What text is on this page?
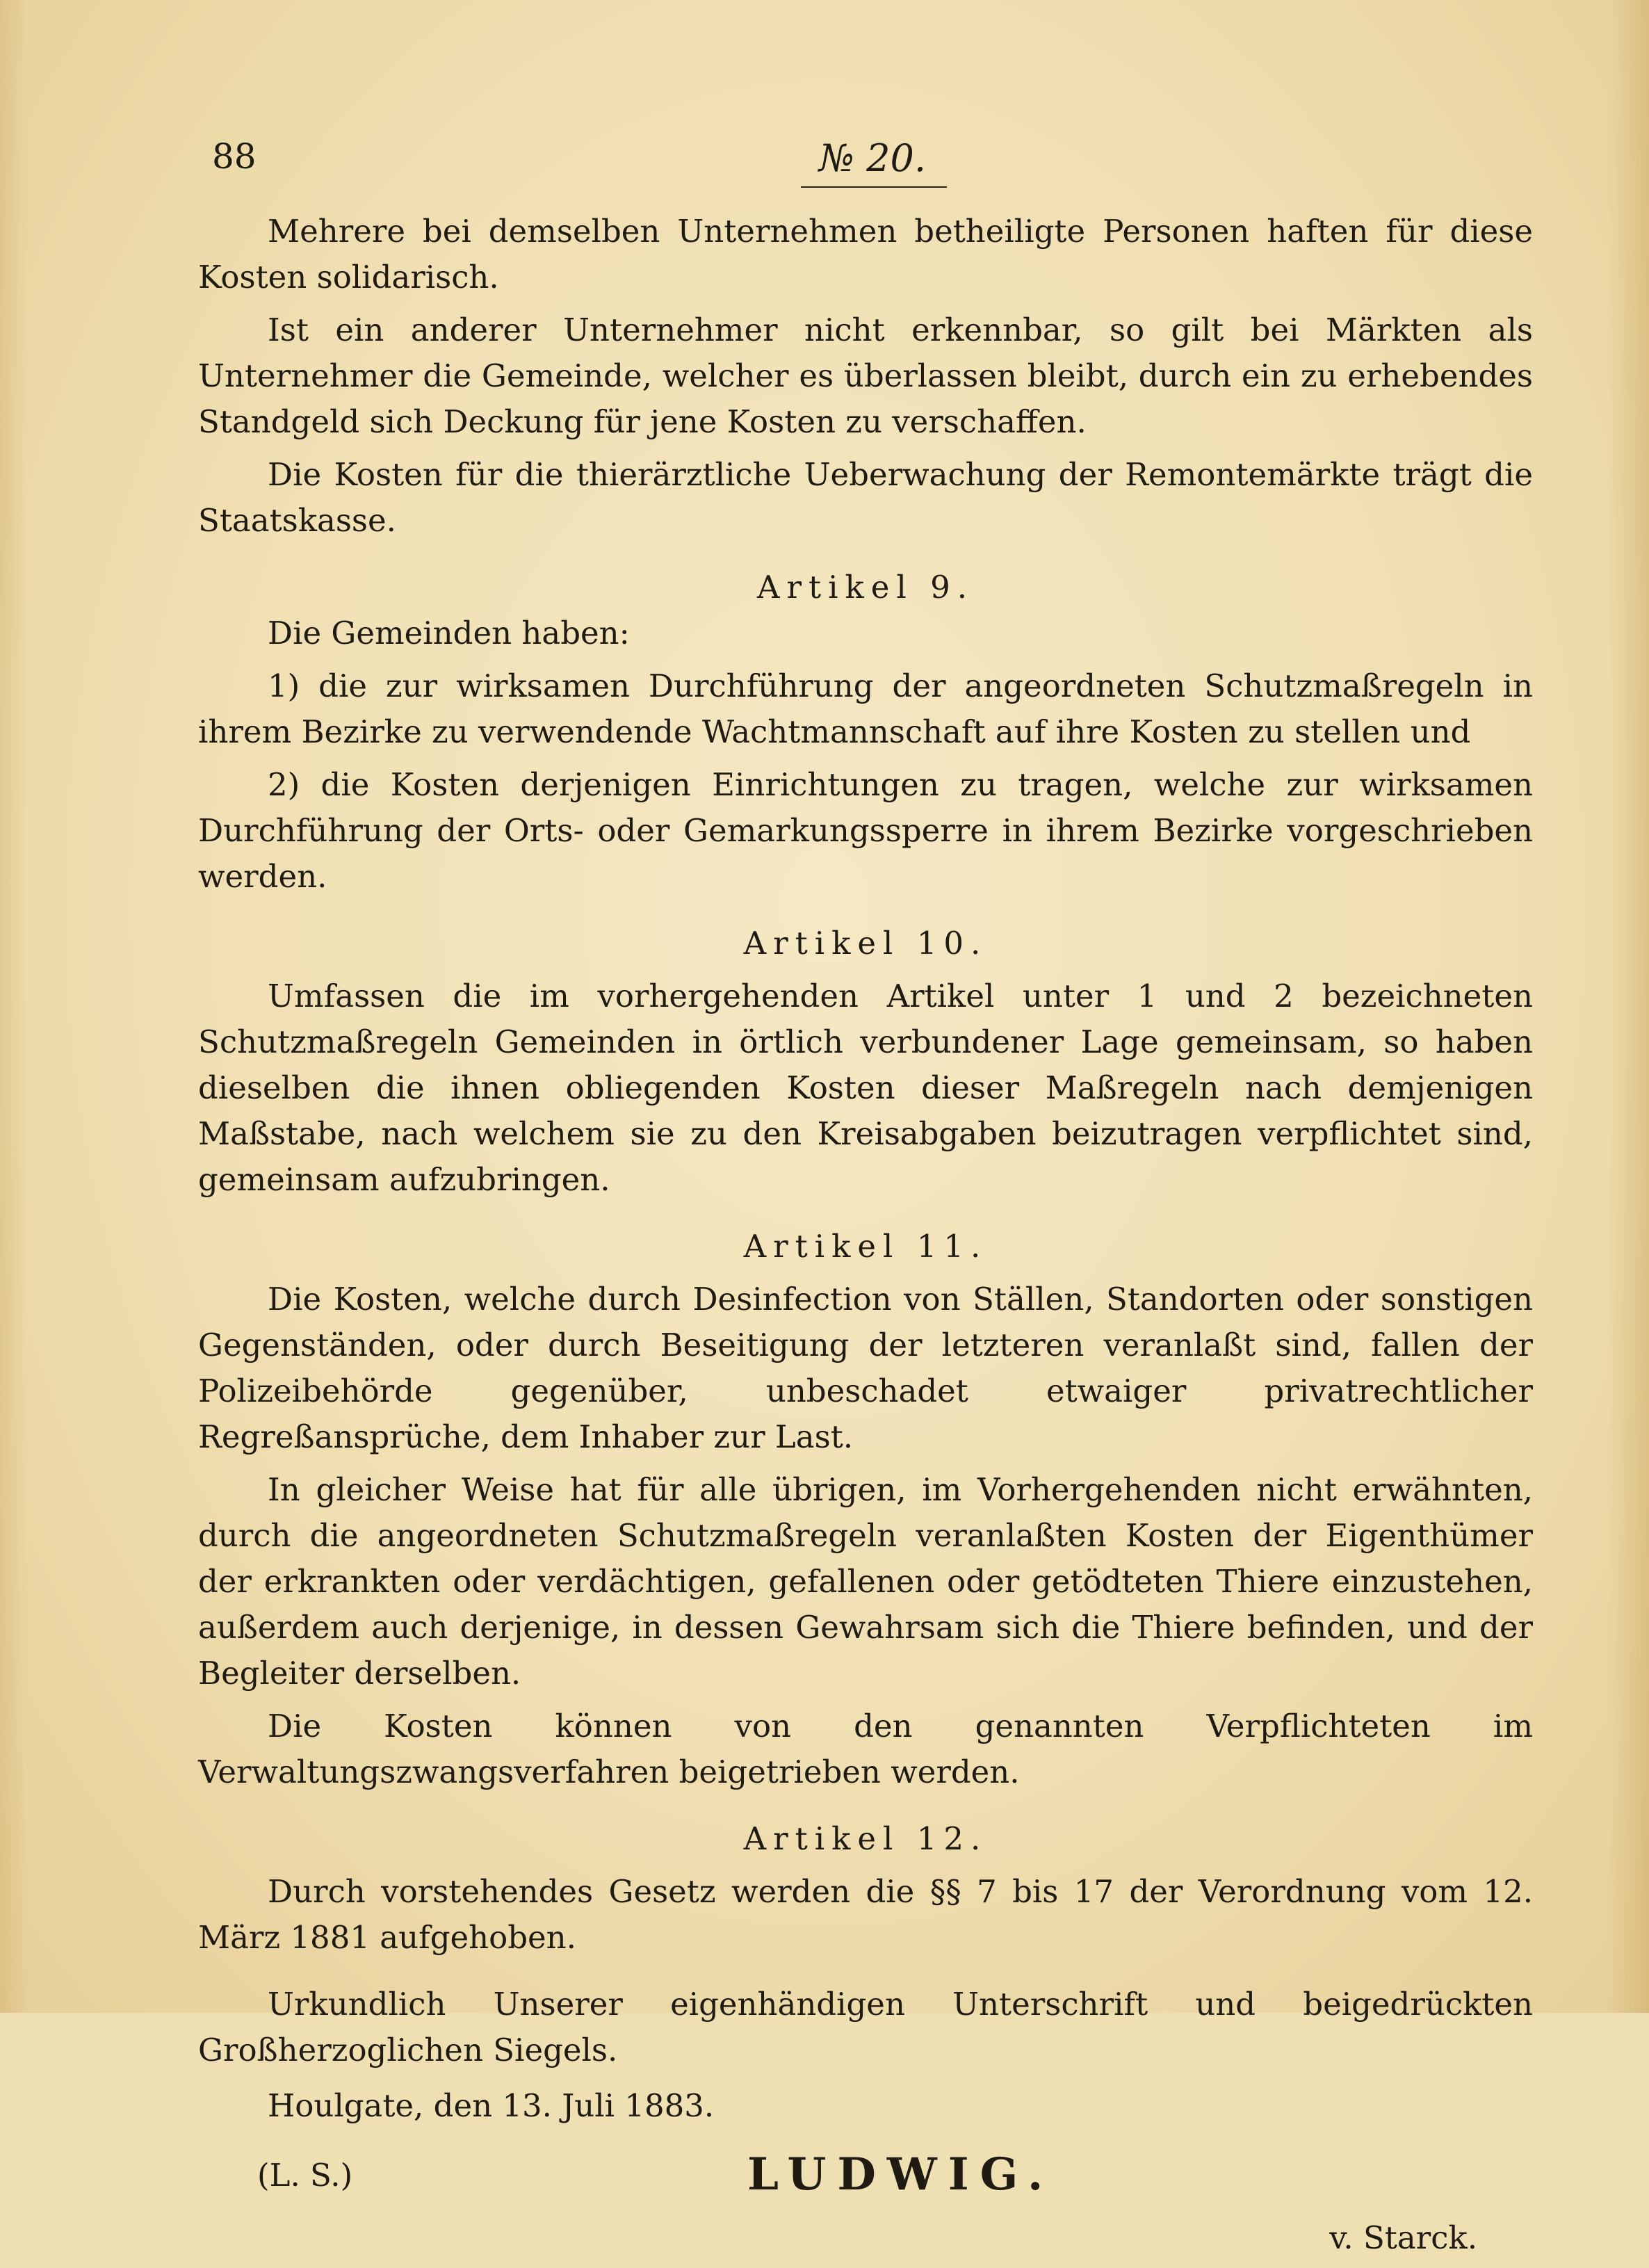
88	№ 20.

Mehrere bei demselben Unternehmen betheiligte Personen haften für diese Kosten solidarisch.

Ist ein anderer Unternehmer nicht erkennbar, so gilt bei Märkten als Unternehmer die Gemeinde, welcher es überlassen bleibt, durch ein zu erhebendes Standgeld sich Deckung für jene Kosten zu verschaffen.

Die Kosten für die thierärztliche Ueberwachung der Remontemärkte trägt die Staatskasse.

Artikel 9.

Die Gemeinden haben:

1) die zur wirksamen Durchführung der angeordneten Schutzmaßregeln in ihrem Bezirke zu verwendende Wachtmannschaft auf ihre Kosten zu stellen und

2) die Kosten derjenigen Einrichtungen zu tragen, welche zur wirksamen Durchführung der Orts- oder Gemarkungssperre in ihrem Bezirke vorgeschrieben werden.

Artikel 10.

Umfassen die im vorhergehenden Artikel unter 1 und 2 bezeichneten Schutzmaßregeln Gemeinden in örtlich verbundener Lage gemeinsam, so haben dieselben die ihnen obliegenden Kosten dieser Maßregeln nach demjenigen Maßstabe, nach welchem sie zu den Kreisabgaben beizutragen verpflichtet sind, gemeinsam aufzubringen.

Artikel 11.

Die Kosten, welche durch Desinfection von Ställen, Standorten oder sonstigen Gegenständen, oder durch Beseitigung der letzteren veranlaßt sind, fallen der Polizeibehörde gegenüber, unbeschadet etwaiger privatrechtlicher Regreßansprüche, dem Inhaber zur Last.

In gleicher Weise hat für alle übrigen, im Vorhergehenden nicht erwähnten, durch die angeordneten Schutzmaßregeln veranlaßten Kosten der Eigenthümer der erkrankten oder verdächtigen, gefallenen oder getödteten Thiere einzustehen, außerdem auch derjenige, in dessen Gewahrsam sich die Thiere befinden, und der Begleiter derselben.

Die Kosten können von den genannten Verpflichteten im Verwaltungszwangsverfahren beigetrieben werden.

Artikel 12.

Durch vorstehendes Gesetz werden die §§ 7 bis 17 der Verordnung vom 12. März 1881 aufgehoben.

Urkundlich Unserer eigenhändigen Unterschrift und beigedrückten Großherzoglichen Siegels.

Houlgate, den 13. Juli 1883.

(L. S.)	LUDWIG.
v. Starck.
